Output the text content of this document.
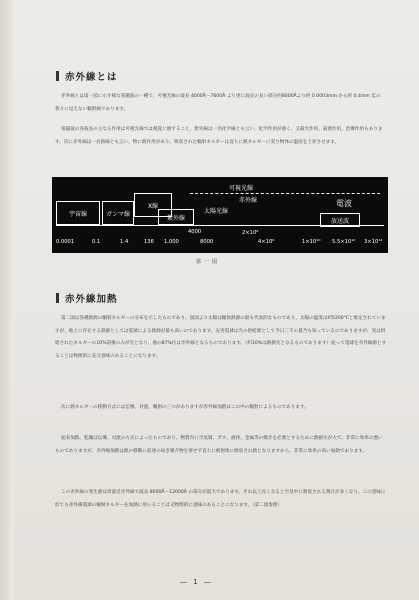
赤外線とは
赤外線とは第一図に示す様な電磁波の一種で、可視光線の波長 4000Å〜7600Å より更に波長の長い部分約8000Åより約 0.0003mm から約 0.4mm 迄の我々に見えない輻射線であります。
電磁波の各波長の主なる作用は可視光線では視覚に感ずること、紫外線は一名化学線とも云い、化学作用が強く、又殺光作用、殺菌作用、治療作用もあります。次に赤外線は一名熱線とも云い、物に熱作用があり、吸収された輻射ネルギーは直ちに熱ネルギーに変り物体の温度を上昇させます。
可視光線
赤外線
太陽光線
宇宙線	ガンマ線
X線
紫外線
電波
放送波
0.0001	0.1	1.4	136 1,000
4000
8000
2×10⁶
4×10⁶	1×10¹⁰ 5.5×10¹² 3×10¹⁴
第一図
赤外線加熱
第二図は各種熱源の輻射ネルギーの分布を示したものであり、図図より太陽は輻射熱源の最も代表的なものであり、太陽の温度は約5200℃と推定されていますが、地上に存在する熱源としては電球による熱源が最も高いのであります。充実電球は光の供給源として今日三千の量乃も知っているのでありますが、実は供給されたネルギーの10%前後のみが光となり、他の87%位は赤外線となるものであります。（約10%は熱損失となるものであります）従って電球を赤外線源とすることは物理的に充分意味のあることになります。
次に熱ネルギーの移動方式には伝導、対流、輻射の三つがありますが赤外線加熱はこの中の輻射によるものであります。
従来加熱、乾燥は伝導、対流の方式によったものであり、物質内に空気層、ガス、液体、金属等の媒介を必要とするために熱損失が大で、非常に効率の悪いものでありますが、赤外線加熱は熱の移動に前述の如き媒介物を要せず直ちに被射体に吸収され熱となりますから、非常に効率の高い加熱であります。
この赤外線の発生源は周波近赤外線で波長 8000Å〜12000Å の部分が最大であります。それ以上長くなると空気中に吸収される割合が多くなり、この意味に於ても赤外線電球の輻射ネルギーを加熱に用いることは又物理的に意味のあることになります。（第二図参照）
— 1 —
